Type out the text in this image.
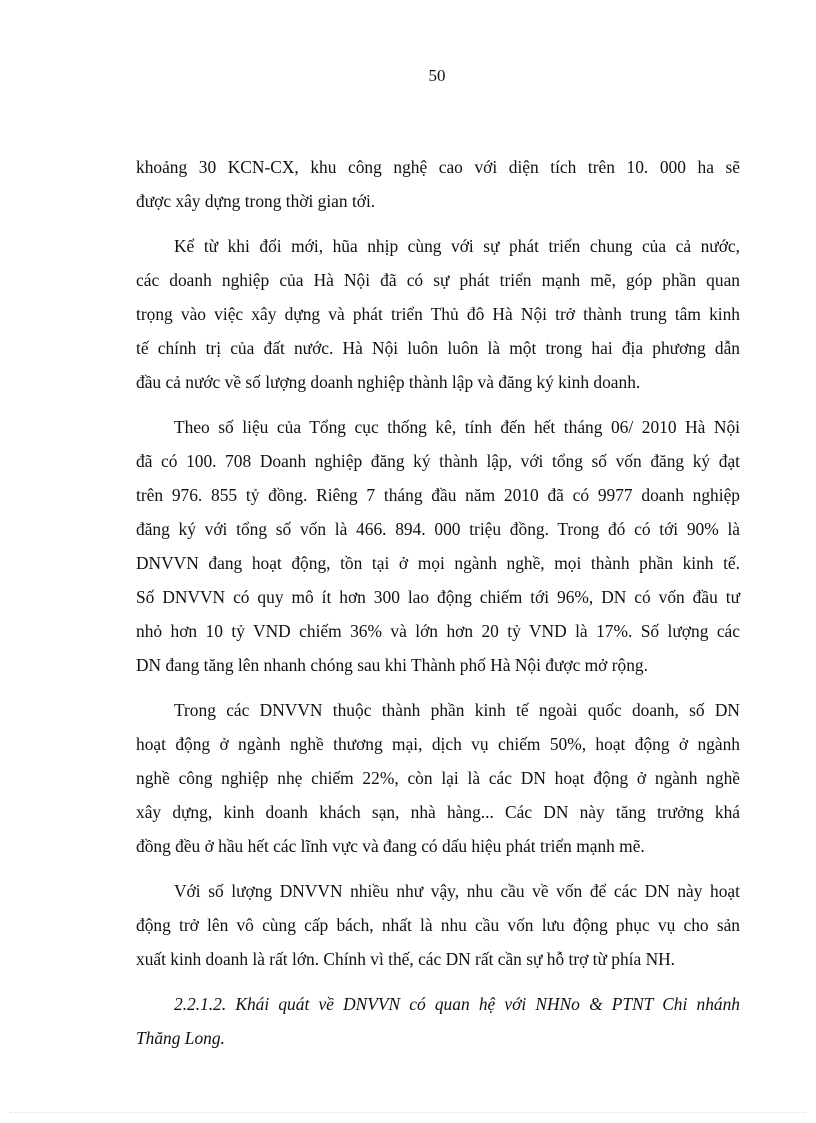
50
khoảng 30 KCN-CX, khu công nghệ cao với diện tích trên 10. 000 ha sẽ
được xây dựng trong thời gian tới.
Kể từ khi đổi mới, hũa nhịp cùng với sự phát triển chung của cả nước,
các doanh nghiệp của Hà Nội đã có sự phát triển mạnh mẽ, góp phần quan
trọng vào việc xây dựng và phát triển Thủ đô Hà Nội trở thành trung tâm kinh
tế chính trị của đất nước. Hà Nội luôn luôn là một trong hai địa phương dẫn
đầu cả nước về số lượng doanh nghiệp thành lập và đăng ký kinh doanh.
Theo số liệu của Tổng cục thống kê, tính đến hết tháng 06/ 2010 Hà Nội
đã có 100. 708 Doanh nghiệp đăng ký thành lập, với tổng số vốn đăng ký đạt
trên 976. 855 tỷ đồng. Riêng 7 tháng đầu năm 2010 đã có 9977 doanh nghiệp
đăng ký với tổng số vốn là 466. 894. 000 triệu đồng. Trong đó có tới 90% là
DNVVN đang hoạt động, tồn tại ở mọi ngành nghề, mọi thành phần kinh tế.
Số DNVVN có quy mô ít hơn 300 lao động chiếm tới 96%, DN có vốn đầu tư
nhỏ hơn 10 tỷ VND chiếm 36% và lớn hơn 20 tỷ VND là 17%. Số lượng các
DN đang tăng lên nhanh chóng sau khi Thành phố Hà Nội được mở rộng.
Trong các DNVVN thuộc thành phần kinh tế ngoài quốc doanh, số DN
hoạt động ở ngành nghề thương mại, dịch vụ chiếm 50%, hoạt động ở ngành
nghề công nghiệp nhẹ chiếm 22%, còn lại là các DN hoạt động ở ngành nghề
xây dựng, kinh doanh khách sạn, nhà hàng... Các DN này tăng trưởng khá
đồng đều ở hầu hết các lĩnh vực và đang có dấu hiệu phát triển mạnh mẽ.
Với số lượng DNVVN nhiều như vậy, nhu cầu về vốn để các DN này hoạt
động trở lên vô cùng cấp bách, nhất là nhu cầu vốn lưu động phục vụ cho sản
xuất kinh doanh là rất lớn. Chính vì thế, các DN rất cần sự hỗ trợ từ phía NH.
2.2.1.2. Khái quát về DNVVN có quan hệ với NHNo & PTNT Chi nhánh
Thăng Long.
